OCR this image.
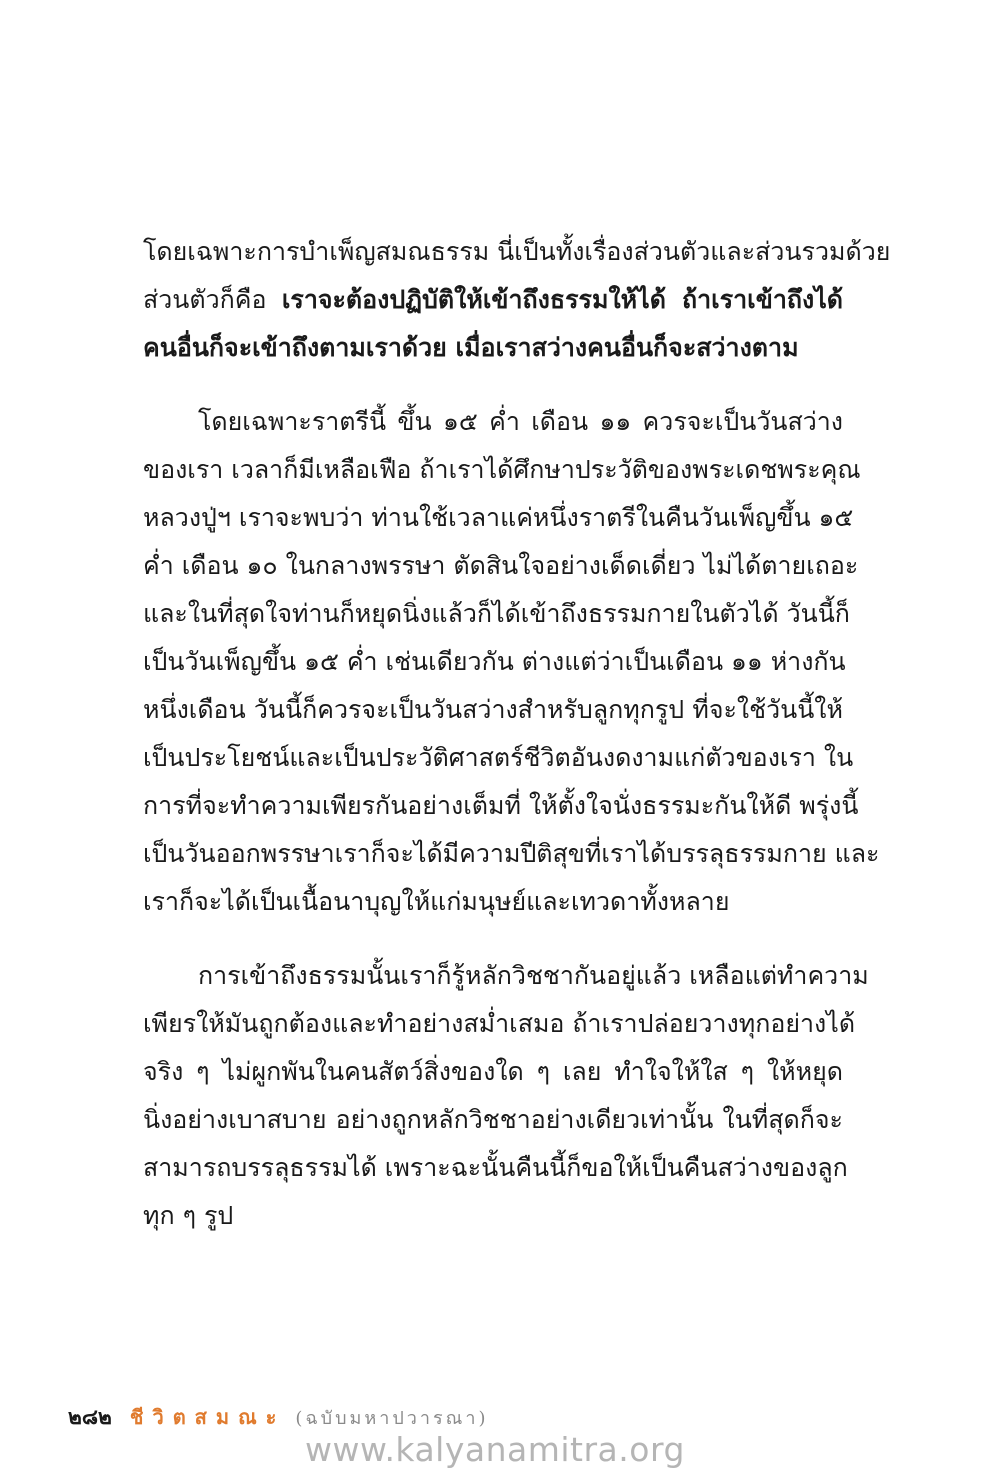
โดยเฉพาะการบำเพ็ญสมณธรรม นี่เป็นทั้งเรื่องส่วนตัวและส่วนรวมด้วย
ส่วนตัวก็คือ เราจะต้องปฏิบัติให้เข้าถึงธรรมให้ได้ ถ้าเราเข้าถึงได้
คนอื่นก็จะเข้าถึงตามเราด้วย เมื่อเราสว่างคนอื่นก็จะสว่างตาม
โดยเฉพาะราตรีนี้ ขึ้น ๑๕ ค่ำ เดือน ๑๑ ควรจะเป็นวันสว่าง
ของเรา เวลาก็มีเหลือเฟือ ถ้าเราได้ศึกษาประวัติของพระเดชพระคุณ
หลวงปู่ฯ เราจะพบว่า ท่านใช้เวลาแค่หนึ่งราตรีในคืนวันเพ็ญขึ้น ๑๕
ค่ำ เดือน ๑๐ ในกลางพรรษา ตัดสินใจอย่างเด็ดเดี่ยว ไม่ได้ตายเถอะ
และในที่สุดใจท่านก็หยุดนิ่งแล้วก็ได้เข้าถึงธรรมกายในตัวได้ วันนี้ก็
เป็นวันเพ็ญขึ้น ๑๕ ค่ำ เช่นเดียวกัน ต่างแต่ว่าเป็นเดือน ๑๑ ห่างกัน
หนึ่งเดือน วันนี้ก็ควรจะเป็นวันสว่างสำหรับลูกทุกรูป ที่จะใช้วันนี้ให้
เป็นประโยชน์และเป็นประวัติศาสตร์ชีวิตอันงดงามแก่ตัวของเรา ใน
การที่จะทำความเพียรกันอย่างเต็มที่ ให้ตั้งใจนั่งธรรมะกันให้ดี พรุ่งนี้
เป็นวันออกพรรษาเราก็จะได้มีความปีติสุขที่เราได้บรรลุธรรมกาย และ
เราก็จะได้เป็นเนื้อนาบุญให้แก่มนุษย์และเทวดาทั้งหลาย
การเข้าถึงธรรมนั้นเราก็รู้หลักวิชชากันอยู่แล้ว เหลือแต่ทำความ
เพียรให้มันถูกต้องและทำอย่างสม่ำเสมอ ถ้าเราปล่อยวางทุกอย่างได้
จริง ๆ ไม่ผูกพันในคนสัตว์สิ่งของใด ๆ เลย ทำใจให้ใส ๆ ให้หยุด
นิ่งอย่างเบาสบาย อย่างถูกหลักวิชชาอย่างเดียวเท่านั้น ในที่สุดก็จะ
สามารถบรรลุธรรมได้ เพราะฉะนั้นคืนนี้ก็ขอให้เป็นคืนสว่างของลูก
ทุก ๆ รูป
๒๘๒ ชีวิตสมณะ (ฉบับมหาปวารณา)
www.kalyanamitra.org
